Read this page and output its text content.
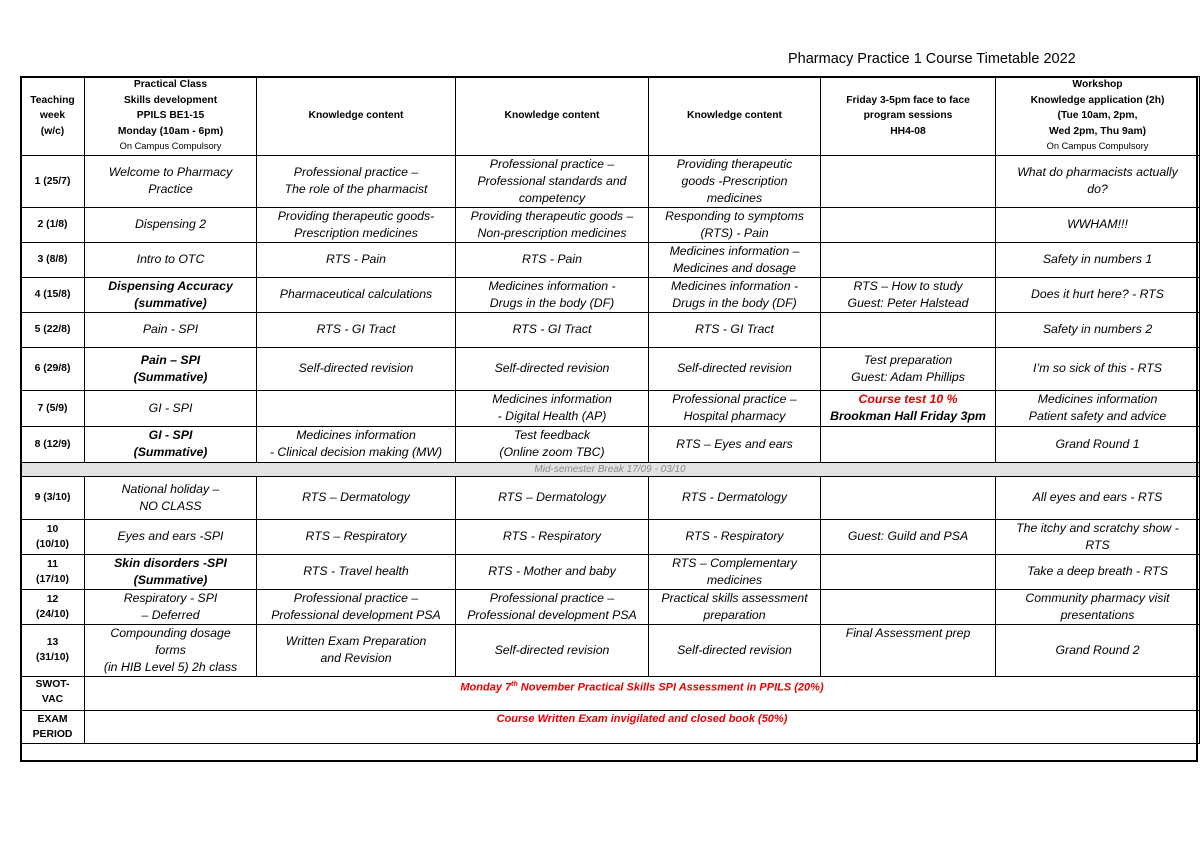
Pharmacy Practice 1 Course Timetable 2022
Teaching
week
(w/c)	Practical Class
Skills development
PPILS BE1-15
Monday (10am - 6pm)
On Campus Compulsory	Knowledge content	Knowledge content	Knowledge content	Friday 3-5pm face to face
program sessions
HH4-08	Workshop
Knowledge application (2h)
(Tue 10am, 2pm,
Wed 2pm, Thu 9am)
On Campus Compulsory
1 (25/7)	Welcome to Pharmacy
Practice	Professional practice –
The role of the pharmacist	Professional practice –
Professional standards and
competency	Providing therapeutic
goods -Prescription
medicines		What do pharmacists actually
do?
2 (1/8)	Dispensing 2	Providing therapeutic goods-
Prescription medicines	Providing therapeutic goods –
Non-prescription medicines	Responding to symptoms
(RTS) - Pain		WWHAM!!!
3 (8/8)	Intro to OTC	RTS - Pain	RTS - Pain	Medicines information –
Medicines and dosage		Safety in numbers 1
4 (15/8)	Dispensing Accuracy
(summative)	Pharmaceutical calculations	Medicines information -
Drugs in the body (DF)	Medicines information -
Drugs in the body (DF)	RTS – How to study
Guest: Peter Halstead	Does it hurt here? - RTS
5 (22/8)	Pain - SPI	RTS - GI Tract	RTS - GI Tract	RTS - GI Tract		Safety in numbers 2
6 (29/8)	Pain – SPI
(Summative)	Self-directed revision	Self-directed revision	Self-directed revision	Test preparation
Guest: Adam Phillips	I’m so sick of this - RTS
7 (5/9)	GI - SPI		Medicines information
- Digital Health (AP)	Professional practice –
Hospital pharmacy	Course test 10 %
Brookman Hall Friday 3pm	Medicines information
Patient safety and advice
8 (12/9)	GI - SPI
(Summative)	Medicines information
- Clinical decision making (MW)	Test feedback
(Online zoom TBC)	RTS – Eyes and ears		Grand Round 1
Mid-semester Break 17/09 - 03/10						
9 (3/10)	National holiday –
NO CLASS	RTS – Dermatology	RTS – Dermatology	RTS - Dermatology		All eyes and ears - RTS
10
(10/10)	Eyes and ears -SPI	RTS – Respiratory	RTS - Respiratory	RTS - Respiratory	Guest: Guild and PSA	The itchy and scratchy show -
RTS
11
(17/10)	Skin disorders -SPI
(Summative)	RTS - Travel health	RTS - Mother and baby	RTS – Complementary
medicines		Take a deep breath - RTS
12
(24/10)	Respiratory - SPI
– Deferred	Professional practice –
Professional development PSA	Professional practice –
Professional development PSA	Practical skills assessment
preparation		Community pharmacy visit
presentations
13
(31/10)	Compounding dosage
forms
(in HIB Level 5) 2h class	Written Exam Preparation
and Revision	Self-directed revision	Self-directed revision	Final Assessment prep	Grand Round 2
SWOT-
VAC	Monday 7th November Practical Skills SPI Assessment in PPILS (20%)					
EXAM
PERIOD	Course Written Exam invigilated and closed book (50%)					
